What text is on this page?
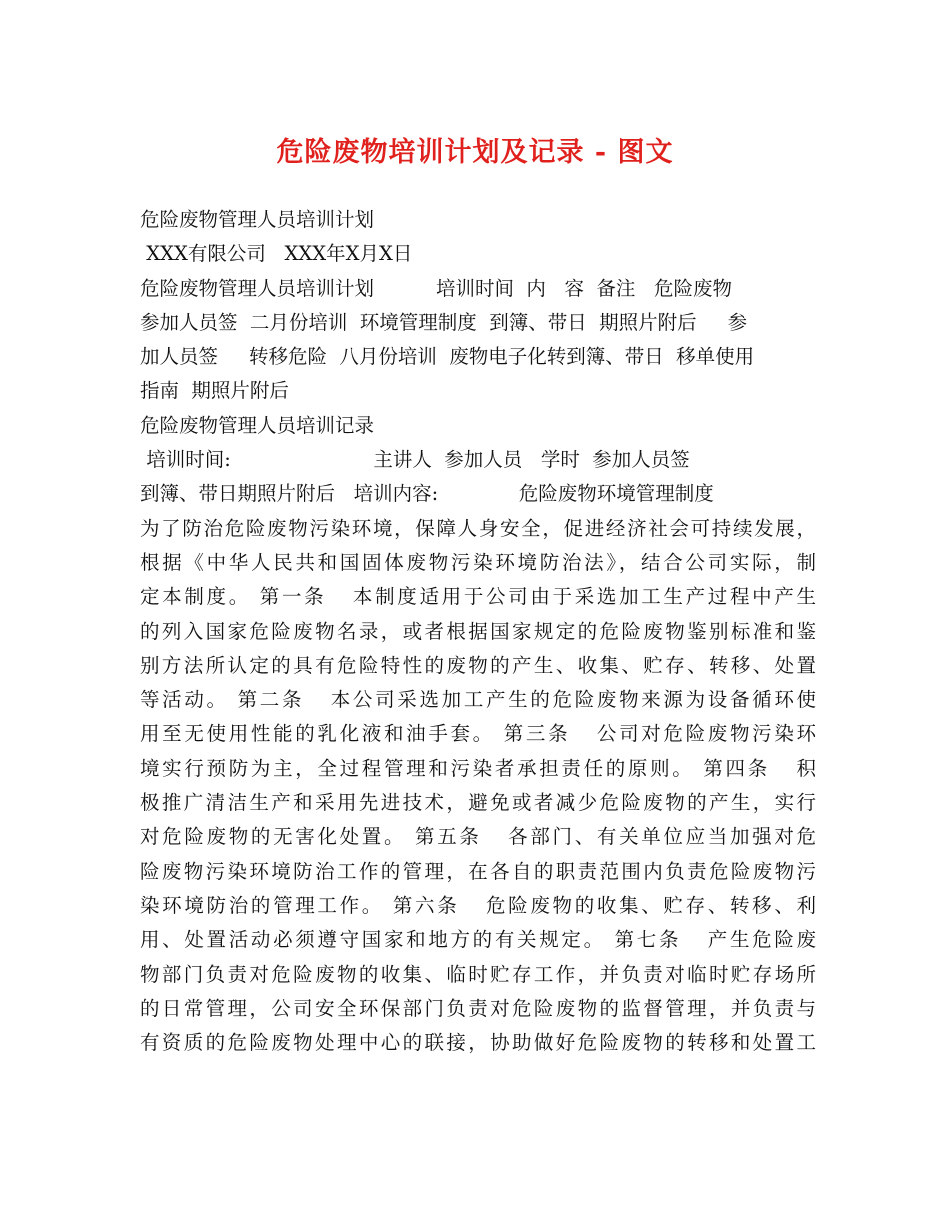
危险废物培训计划及记录 - 图文
危险废物管理人员培训计划
XXX有限公司   XXX年X月X日
危险废物管理人员培训计划          培训时间  内   容  备注   危险废物
参加人员签  二月份培训  环境管理制度  到簿、带日  期照片附后     参
加人员签     转移危险  八月份培训  废物电子化转到簿、带日  移单使用
指南  期照片附后
危险废物管理人员培训记录
培训时间:                       主讲人  参加人员   学时  参加人员签
到簿、带日期照片附后   培训内容:             危险废物环境管理制度
为了防治危险废物污染环境，保障人身安全，促进经济社会可持续发展，
根据《中华人民共和国固体废物污染环境防治法》，结合公司实际，制
定本制度。 第一条   本制度适用于公司由于采选加工生产过程中产生
的列入国家危险废物名录，或者根据国家规定的危险废物鉴别标准和鉴
别方法所认定的具有危险特性的废物的产生、收集、贮存、转移、处置
等活动。 第二条   本公司采选加工产生的危险废物来源为设备循环使
用至无使用性能的乳化液和油手套。 第三条   公司对危险废物污染环
境实行预防为主，全过程管理和污染者承担责任的原则。 第四条   积
极推广清洁生产和采用先进技术，避免或者减少危险废物的产生，实行
对危险废物的无害化处置。 第五条   各部门、有关单位应当加强对危
险废物污染环境防治工作的管理，在各自的职责范围内负责危险废物污
染环境防治的管理工作。 第六条   危险废物的收集、贮存、转移、利
用、处置活动必须遵守国家和地方的有关规定。 第七条   产生危险废
物部门负责对危险废物的收集、临时贮存工作，并负责对临时贮存场所
的日常管理，公司安全环保部门负责对危险废物的监督管理，并负责与
有资质的危险废物处理中心的联接，协助做好危险废物的转移和处置工
